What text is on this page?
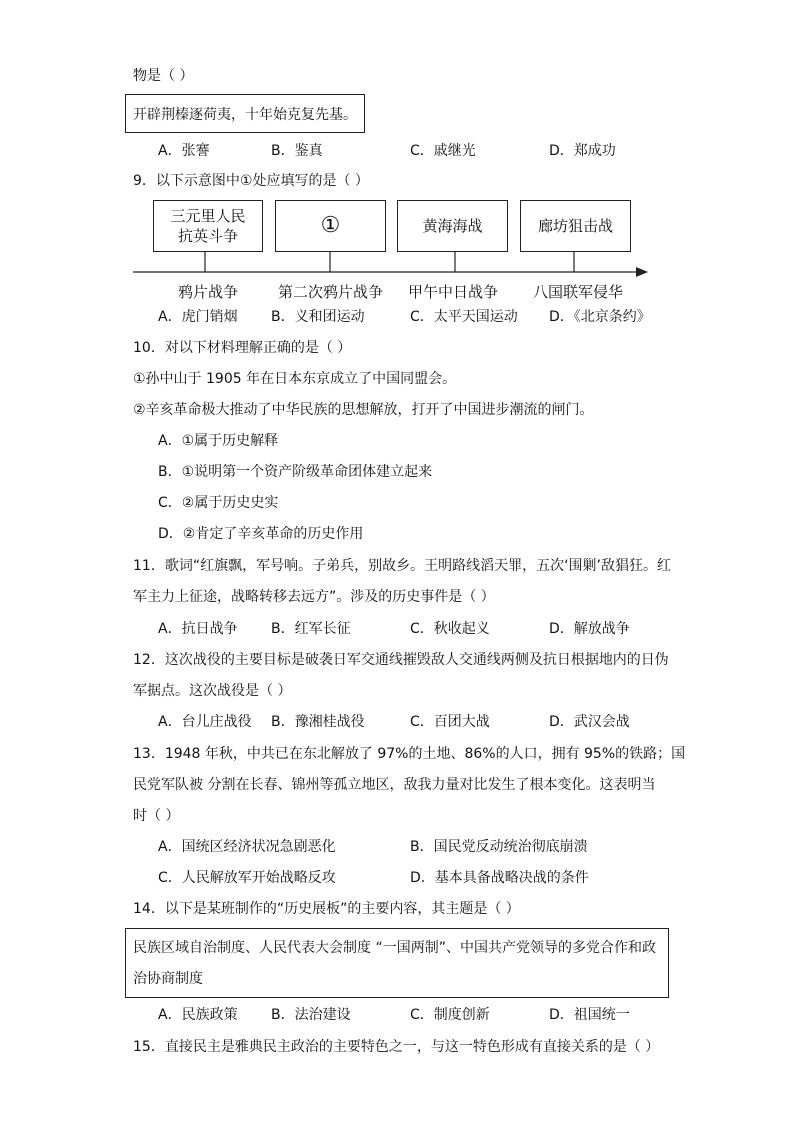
物是（ ）
开辟荆榛逐荷夷，十年始克复先基。
A．张謇	B．鉴真	C．戚继光	D．郑成功
9．以下示意图中①处应填写的是（ ）
三元里人民
抗英斗争	①	黄海海战	廊坊狙击战
鸦片战争	第二次鸦片战争 甲午中日战争 八国联军侵华
A．虎门销烟 B．义和团运动	C．太平天国运动 D．《北京条约》
10．对以下材料理解正确的是（ ）
①孙中山于 1905 年在日本东京成立了中国同盟会。
②辛亥革命极大推动了中华民族的思想解放，打开了中国进步潮流的闸门。
A．①属于历史解释
B．①说明第一个资产阶级革命团体建立起来
C．②属于历史史实
D．②肯定了辛亥革命的历史作用
11．歌词“红旗飘，军号响。子弟兵，别故乡。王明路线滔天罪，五次‘围剿’敌猖狂。红
军主力上征途，战略转移去远方”。涉及的历史事件是（ ）
A．抗日战争 B．红军长征	C．秋收起义	D．解放战争
12．这次战役的主要目标是破袭日军交通线摧毁敌人交通线两侧及抗日根据地内的日伪
军据点。这次战役是（ ）
A．台儿庄战役 B．豫湘桂战役	C．百团大战	D．武汉会战
13．1948 年秋，中共已在东北解放了 97%的土地、86%的人口，拥有 95%的铁路；国
民党军队被 分割在长春、锦州等孤立地区，敌我力量对比发生了根本变化。这表明当
时（ ）
A．国统区经济状况急剧恶化	B．国民党反动统治彻底崩溃
C．人民解放军开始战略反攻	D．基本具备战略决战的条件
14．以下是某班制作的“历史展板”的主要内容，其主题是（ ）
民族区域自治制度、人民代表大会制度 “一国两制”、中国共产党领导的多党合作和政
治协商制度
A．民族政策 B．法治建设	C．制度创新	D．祖国统一
15．直接民主是雅典民主政治的主要特色之一，与这一特色形成有直接关系的是（ ）
